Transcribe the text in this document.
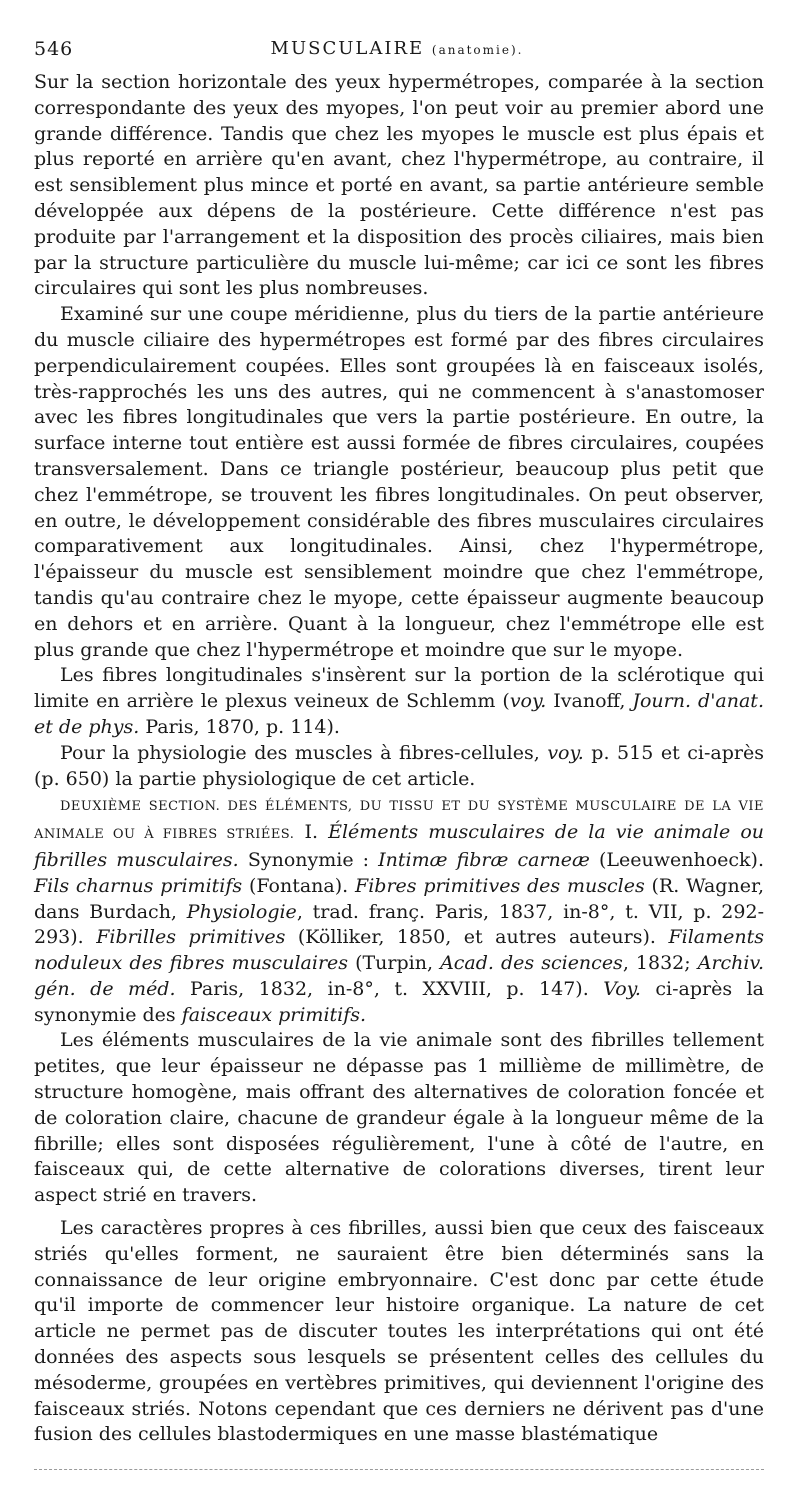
546	MUSCULAIRE (anatomie).

Sur la section horizontale des yeux hypermétropes, comparée à la section correspondante des yeux des myopes, l'on peut voir au premier abord une grande différence. Tandis que chez les myopes le muscle est plus épais et plus reporté en arrière qu'en avant, chez l'hypermétrope, au contraire, il est sensiblement plus mince et porté en avant, sa partie antérieure semble développée aux dépens de la postérieure. Cette différence n'est pas produite par l'arrangement et la disposition des procès ciliaires, mais bien par la structure particulière du muscle lui-même; car ici ce sont les fibres circulaires qui sont les plus nombreuses.

Examiné sur une coupe méridienne, plus du tiers de la partie antérieure du muscle ciliaire des hypermétropes est formé par des fibres circulaires perpendiculairement coupées. Elles sont groupées là en faisceaux isolés, très-rapprochés les uns des autres, qui ne commencent à s'anastomoser avec les fibres longitudinales que vers la partie postérieure. En outre, la surface interne tout entière est aussi formée de fibres circulaires, coupées transversalement. Dans ce triangle postérieur, beaucoup plus petit que chez l'emmétrope, se trouvent les fibres longitudinales. On peut observer, en outre, le développement considérable des fibres musculaires circulaires comparativement aux longitudinales. Ainsi, chez l'hypermétrope, l'épaisseur du muscle est sensiblement moindre que chez l'emmétrope, tandis qu'au contraire chez le myope, cette épaisseur augmente beaucoup en dehors et en arrière. Quant à la longueur, chez l'emmétrope elle est plus grande que chez l'hypermétrope et moindre que sur le myope.

Les fibres longitudinales s'insèrent sur la portion de la sclérotique qui limite en arrière le plexus veineux de Schlemm (voy. Ivanoff, Journ. d'anat. et de phys. Paris, 1870, p. 114).

Pour la physiologie des muscles à fibres-cellules, voy. p. 515 et ci-après (p. 650) la partie physiologique de cet article.

DEUXIÈME SECTION. DES ÉLÉMENTS, DU TISSU ET DU SYSTÈME MUSCULAIRE DE LA VIE ANIMALE OU À FIBRES STRIÉES. I. Éléments musculaires de la vie animale ou fibrilles musculaires. Synonymie : Intimæ fibræ carneæ (Leeuwenhoeck). Fils charnus primitifs (Fontana). Fibres primitives des muscles (R. Wagner, dans Burdach, Physiologie, trad. franç. Paris, 1837, in-8°, t. VII, p. 292-293). Fibrilles primitives (Kölliker, 1850, et autres auteurs). Filaments noduleux des fibres musculaires (Turpin, Acad. des sciences, 1832; Archiv. gén. de méd. Paris, 1832, in-8°, t. XXVIII, p. 147). Voy. ci-après la synonymie des faisceaux primitifs.

Les éléments musculaires de la vie animale sont des fibrilles tellement petites, que leur épaisseur ne dépasse pas 1 millième de millimètre, de structure homogène, mais offrant des alternatives de coloration foncée et de coloration claire, chacune de grandeur égale à la longueur même de la fibrille; elles sont disposées régulièrement, l'une à côté de l'autre, en faisceaux qui, de cette alternative de colorations diverses, tirent leur aspect strié en travers.

Les caractères propres à ces fibrilles, aussi bien que ceux des faisceaux striés qu'elles forment, ne sauraient être bien déterminés sans la connaissance de leur origine embryonnaire. C'est donc par cette étude qu'il importe de commencer leur histoire organique. La nature de cet article ne permet pas de discuter toutes les interprétations qui ont été données des aspects sous lesquels se présentent celles des cellules du mésoderme, groupées en vertèbres primitives, qui deviennent l'origine des faisceaux striés. Notons cependant que ces derniers ne dérivent pas d'une fusion des cellules blastodermiques en une masse blastématique
